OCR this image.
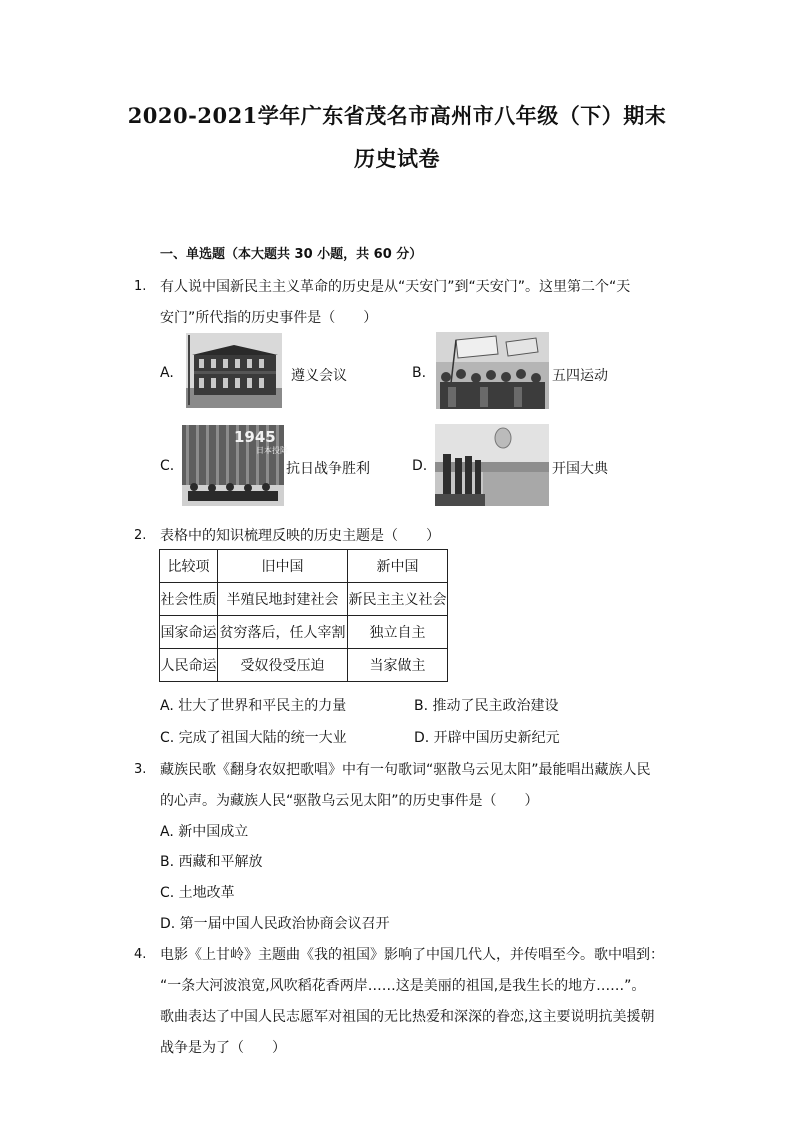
2020-2021学年广东省茂名市高州市八年级（下）期末
历史试卷
一、单选题（本大题共 30 小题，共 60 分）
1. 有人说中国新民主主义革命的历史是从“天安门”到“天安门”。这里第二个“天
安门”所代指的历史事件是（　　）
A.	遵义会议	B.	五四运动
C.
1945
日本投降
抗日战争胜利	D.	开国大典
2. 表格中的知识梳理反映的历史主题是（　　）
比较项	旧中国	新中国
社会性质	半殖民地封建社会	新民主主义社会
国家命运	贫穷落后，任人宰割	独立自主
人民命运	受奴役受压迫	当家做主
A. 壮大了世界和平民主的力量	B. 推动了民主政治建设
C. 完成了祖国大陆的统一大业	D. 开辟中国历史新纪元
3. 藏族民歌《翻身农奴把歌唱》中有一句歌词“驱散乌云见太阳”最能唱出藏族人民
的心声。为藏族人民“驱散乌云见太阳”的历史事件是（　　）
A. 新中国成立
B. 西藏和平解放
C. 土地改革
D. 第一届中国人民政治协商会议召开
4. 电影《上甘岭》主题曲《我的祖国》影响了中国几代人，并传唱至今。歌中唱到：
“一条大河波浪宽,风吹稻花香两岸……这是美丽的祖国,是我生长的地方……”。
歌曲表达了中国人民志愿军对祖国的无比热爱和深深的眷恋,这主要说明抗美援朝
战争是为了（　　）
